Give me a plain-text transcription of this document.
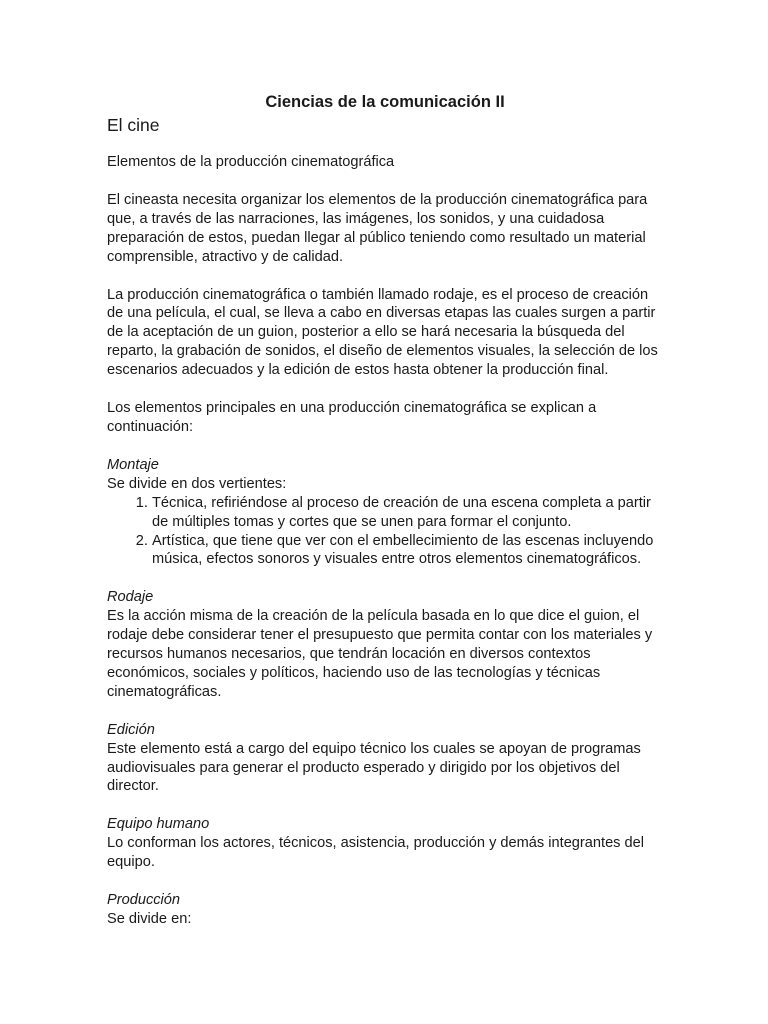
Ciencias de la comunicación II
El cine

Elementos de la producción cinematográfica

El cineasta necesita organizar los elementos de la producción cinematográfica para que, a través de las narraciones, las imágenes, los sonidos, y una cuidadosa preparación de estos, puedan llegar al público teniendo como resultado un material comprensible, atractivo y de calidad.

La producción cinematográfica o también llamado rodaje, es el proceso de creación de una película, el cual, se lleva a cabo en diversas etapas las cuales surgen a partir de la aceptación de un guion, posterior a ello se hará necesaria la búsqueda del reparto, la grabación de sonidos, el diseño de elementos visuales, la selección de los escenarios adecuados y la edición de estos hasta obtener la producción final.

Los elementos principales en una producción cinematográfica se explican a continuación:

Montaje

Se divide en dos vertientes:

1. Técnica, refiriéndose al proceso de creación de una escena completa a partir de múltiples tomas y cortes que se unen para formar el conjunto.
2. Artística, que tiene que ver con el embellecimiento de las escenas incluyendo música, efectos sonoros y visuales entre otros elementos cinematográficos.

Rodaje

Es la acción misma de la creación de la película basada en lo que dice el guion, el rodaje debe considerar tener el presupuesto que permita contar con los materiales y recursos humanos necesarios, que tendrán locación en diversos contextos económicos, sociales y políticos, haciendo uso de las tecnologías y técnicas cinematográficas.

Edición

Este elemento está a cargo del equipo técnico los cuales se apoyan de programas audiovisuales para generar el producto esperado y dirigido por los objetivos del director.

Equipo humano

Lo conforman los actores, técnicos, asistencia, producción y demás integrantes del equipo.

Producción

Se divide en:
